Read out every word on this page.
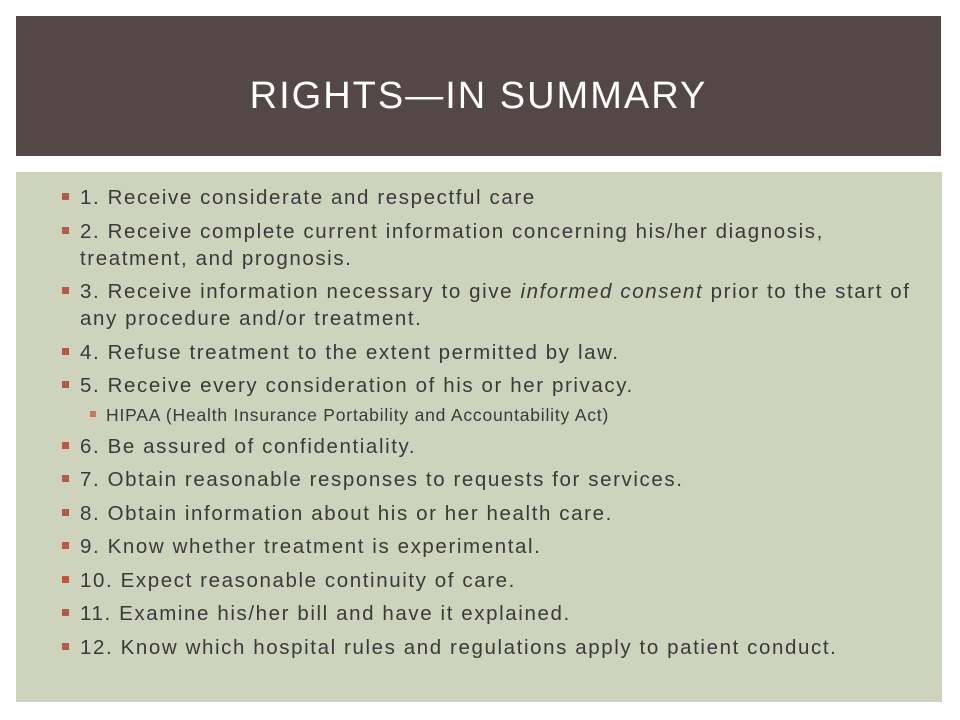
RIGHTS—IN SUMMARY
1. Receive considerate and respectful care
2. Receive complete current information concerning his/her diagnosis, treatment, and prognosis.
3. Receive information necessary to give informed consent prior to the start of any procedure and/or treatment.
4. Refuse treatment to the extent permitted by law.
5. Receive every consideration of his or her privacy.
HIPAA (Health Insurance Portability and Accountability Act)
6. Be assured of confidentiality.
7. Obtain reasonable responses to requests for services.
8. Obtain information about his or her health care.
9. Know whether treatment is experimental.
10. Expect reasonable continuity of care.
11. Examine his/her bill and have it explained.
12. Know which hospital rules and regulations apply to patient conduct.
